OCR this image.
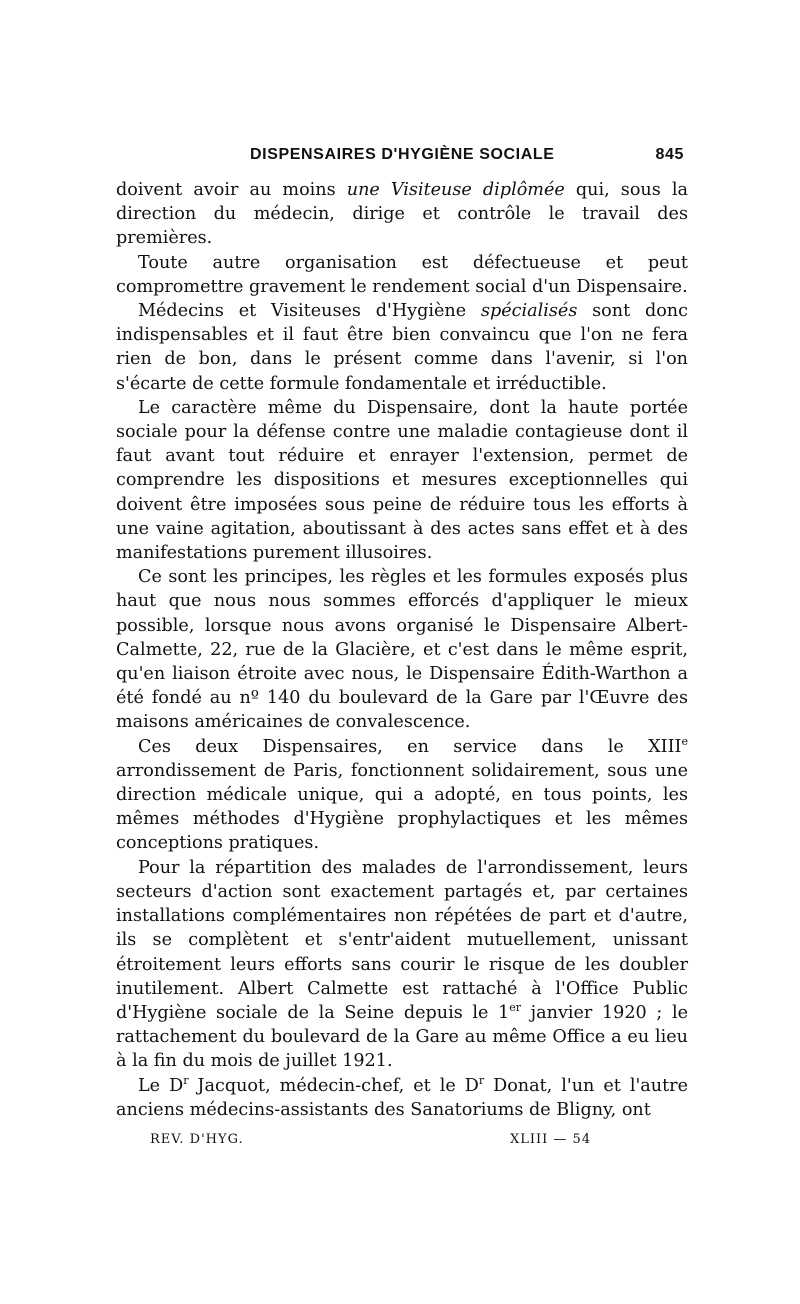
DISPENSAIRES D'HYGIÈNE SOCIALE	845

doivent avoir au moins une Visiteuse diplômée qui, sous la direction du médecin, dirige et contrôle le travail des premières.

Toute autre organisation est défectueuse et peut compromettre gravement le rendement social d'un Dispensaire.

Médecins et Visiteuses d'Hygiène spécialisés sont donc indispensables et il faut être bien convaincu que l'on ne fera rien de bon, dans le présent comme dans l'avenir, si l'on s'écarte de cette formule fondamentale et irréductible.

Le caractère même du Dispensaire, dont la haute portée sociale pour la défense contre une maladie contagieuse dont il faut avant tout réduire et enrayer l'extension, permet de comprendre les dispositions et mesures exceptionnelles qui doivent être imposées sous peine de réduire tous les efforts à une vaine agitation, aboutissant à des actes sans effet et à des manifestations purement illusoires.

Ce sont les principes, les règles et les formules exposés plus haut que nous nous sommes efforcés d'appliquer le mieux possible, lorsque nous avons organisé le Dispensaire Albert-Calmette, 22, rue de la Glacière, et c'est dans le même esprit, qu'en liaison étroite avec nous, le Dispensaire Édith-Warthon a été fondé au nº 140 du boulevard de la Gare par l'Œuvre des maisons américaines de convalescence.

Ces deux Dispensaires, en service dans le XIIIe arrondissement de Paris, fonctionnent solidairement, sous une direction médicale unique, qui a adopté, en tous points, les mêmes méthodes d'Hygiène prophylactiques et les mêmes conceptions pratiques.

Pour la répartition des malades de l'arrondissement, leurs secteurs d'action sont exactement partagés et, par certaines installations complémentaires non répétées de part et d'autre, ils se complètent et s'entr'aident mutuellement, unissant étroitement leurs efforts sans courir le risque de les doubler inutilement. Albert Calmette est rattaché à l'Office Public d'Hygiène sociale de la Seine depuis le 1er janvier 1920 ; le rattachement du boulevard de la Gare au même Office a eu lieu à la fin du mois de juillet 1921.

Le $D^r$ Jacquot, médecin-chef, et le $D^r$ Donat, l'un et l'autre anciens médecins-assistants des Sanatoriums de Bligny, ont

REV. D'HYG.	XLIII — 54
